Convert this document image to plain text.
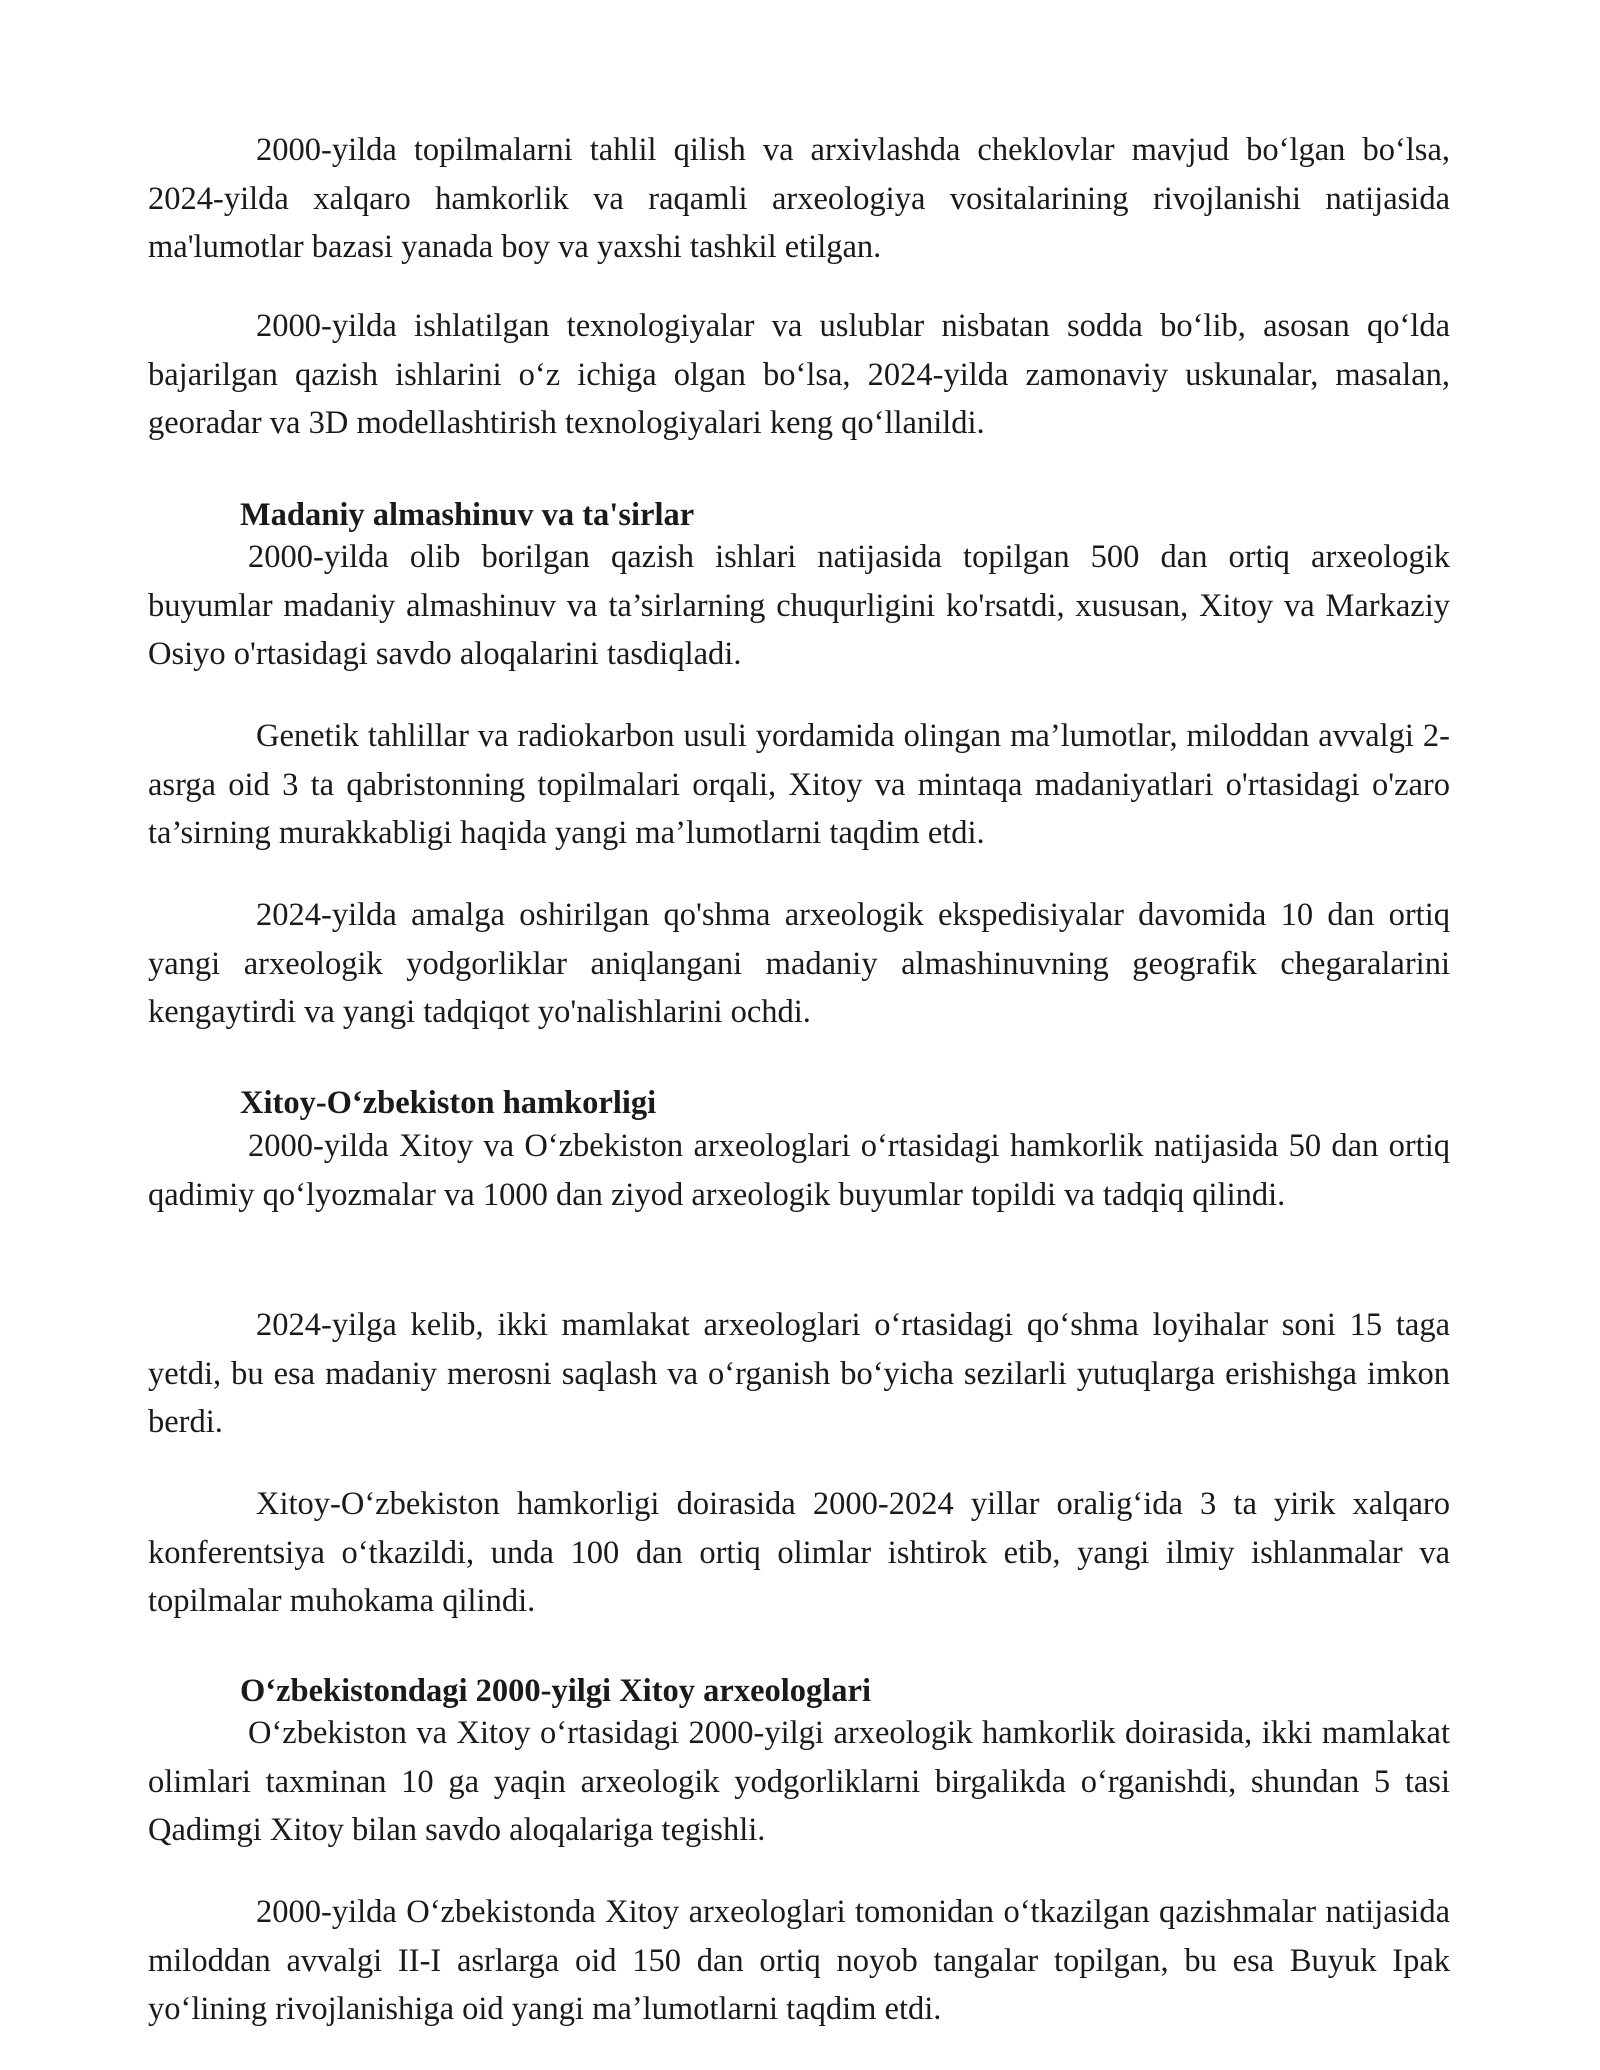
2000-yilda topilmalarni tahlil qilish va arxivlashda cheklovlar mavjud boʻlgan boʻlsa, 2024-yilda xalqaro hamkorlik va raqamli arxeologiya vositalarining rivojlanishi natijasida ma'lumotlar bazasi yanada boy va yaxshi tashkil etilgan.

2000-yilda ishlatilgan texnologiyalar va uslublar nisbatan sodda boʻlib, asosan qoʻlda bajarilgan qazish ishlarini oʻz ichiga olgan boʻlsa, 2024-yilda zamonaviy uskunalar, masalan, georadar va 3D modellashtirish texnologiyalari keng qoʻllanildi.

Madaniy almashinuv va ta'sirlar

2000-yilda olib borilgan qazish ishlari natijasida topilgan 500 dan ortiq arxeologik buyumlar madaniy almashinuv va ta’sirlarning chuqurligini ko'rsatdi, xususan, Xitoy va Markaziy Osiyo o'rtasidagi savdo aloqalarini tasdiqladi.

Genetik tahlillar va radiokarbon usuli yordamida olingan ma’lumotlar, miloddan avvalgi 2-asrga oid 3 ta qabristonning topilmalari orqali, Xitoy va mintaqa madaniyatlari o'rtasidagi o'zaro ta’sirning murakkabligi haqida yangi ma’lumotlarni taqdim etdi.

2024-yilda amalga oshirilgan qo'shma arxeologik ekspedisiyalar davomida 10 dan ortiq yangi arxeologik yodgorliklar aniqlangani madaniy almashinuvning geografik chegaralarini kengaytirdi va yangi tadqiqot yo'nalishlarini ochdi.

Xitoy-Oʻzbekiston hamkorligi

2000-yilda Xitoy va Oʻzbekiston arxeologlari oʻrtasidagi hamkorlik natijasida 50 dan ortiq qadimiy qoʻlyozmalar va 1000 dan ziyod arxeologik buyumlar topildi va tadqiq qilindi.

2024-yilga kelib, ikki mamlakat arxeologlari oʻrtasidagi qoʻshma loyihalar soni 15 taga yetdi, bu esa madaniy merosni saqlash va oʻrganish boʻyicha sezilarli yutuqlarga erishishga imkon berdi.

Xitoy-Oʻzbekiston hamkorligi doirasida 2000-2024 yillar oraligʻida 3 ta yirik xalqaro konferentsiya oʻtkazildi, unda 100 dan ortiq olimlar ishtirok etib, yangi ilmiy ishlanmalar va topilmalar muhokama qilindi.

Oʻzbekistondagi 2000-yilgi Xitoy arxeologlari

Oʻzbekiston va Xitoy oʻrtasidagi 2000-yilgi arxeologik hamkorlik doirasida, ikki mamlakat olimlari taxminan 10 ga yaqin arxeologik yodgorliklarni birgalikda oʻrganishdi, shundan 5 tasi Qadimgi Xitoy bilan savdo aloqalariga tegishli.

2000-yilda Oʻzbekistonda Xitoy arxeologlari tomonidan oʻtkazilgan qazishmalar natijasida miloddan avvalgi II-I asrlarga oid 150 dan ortiq noyob tangalar topilgan, bu esa Buyuk Ipak yoʻlining rivojlanishiga oid yangi maʼlumotlarni taqdim etdi.
